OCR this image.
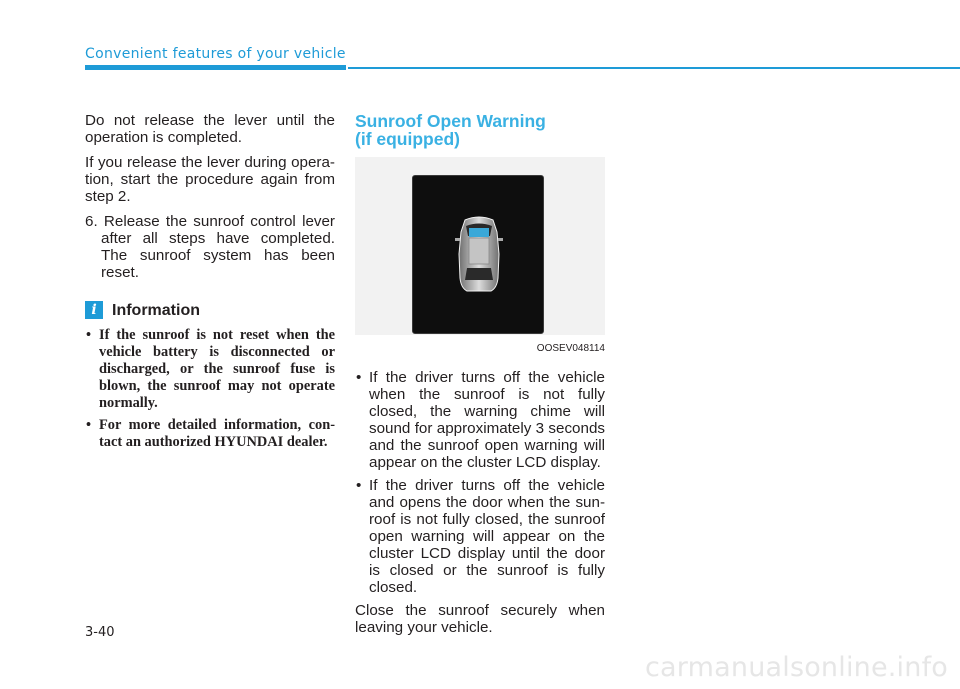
Convenient features of your vehicle

Do not release the lever until the operation is completed.

If you release the lever during opera-tion, start the procedure again from step 2.

6. Release the sunroof control lever after all steps have completed. The sunroof system has been reset.

i Information
• If the sunroof is not reset when the vehicle battery is disconnected or discharged, or the sunroof fuse is blown, the sunroof may not operate normally.
• For more detailed information, con-tact an authorized HYUNDAI dealer.
Sunroof Open Warning
(if equipped)
OOSEV048114
• If the driver turns off the vehicle when the sunroof is not fully closed, the warning chime will sound for approximately 3 seconds and the sunroof open warning will appear on the cluster LCD display.
• If the driver turns off the vehicle and opens the door when the sun-roof is not fully closed, the sunroof open warning will appear on the cluster LCD display until the door is closed or the sunroof is fully closed.

Close the sunroof securely when leaving your vehicle.

3-40
carmanualsonline.info
